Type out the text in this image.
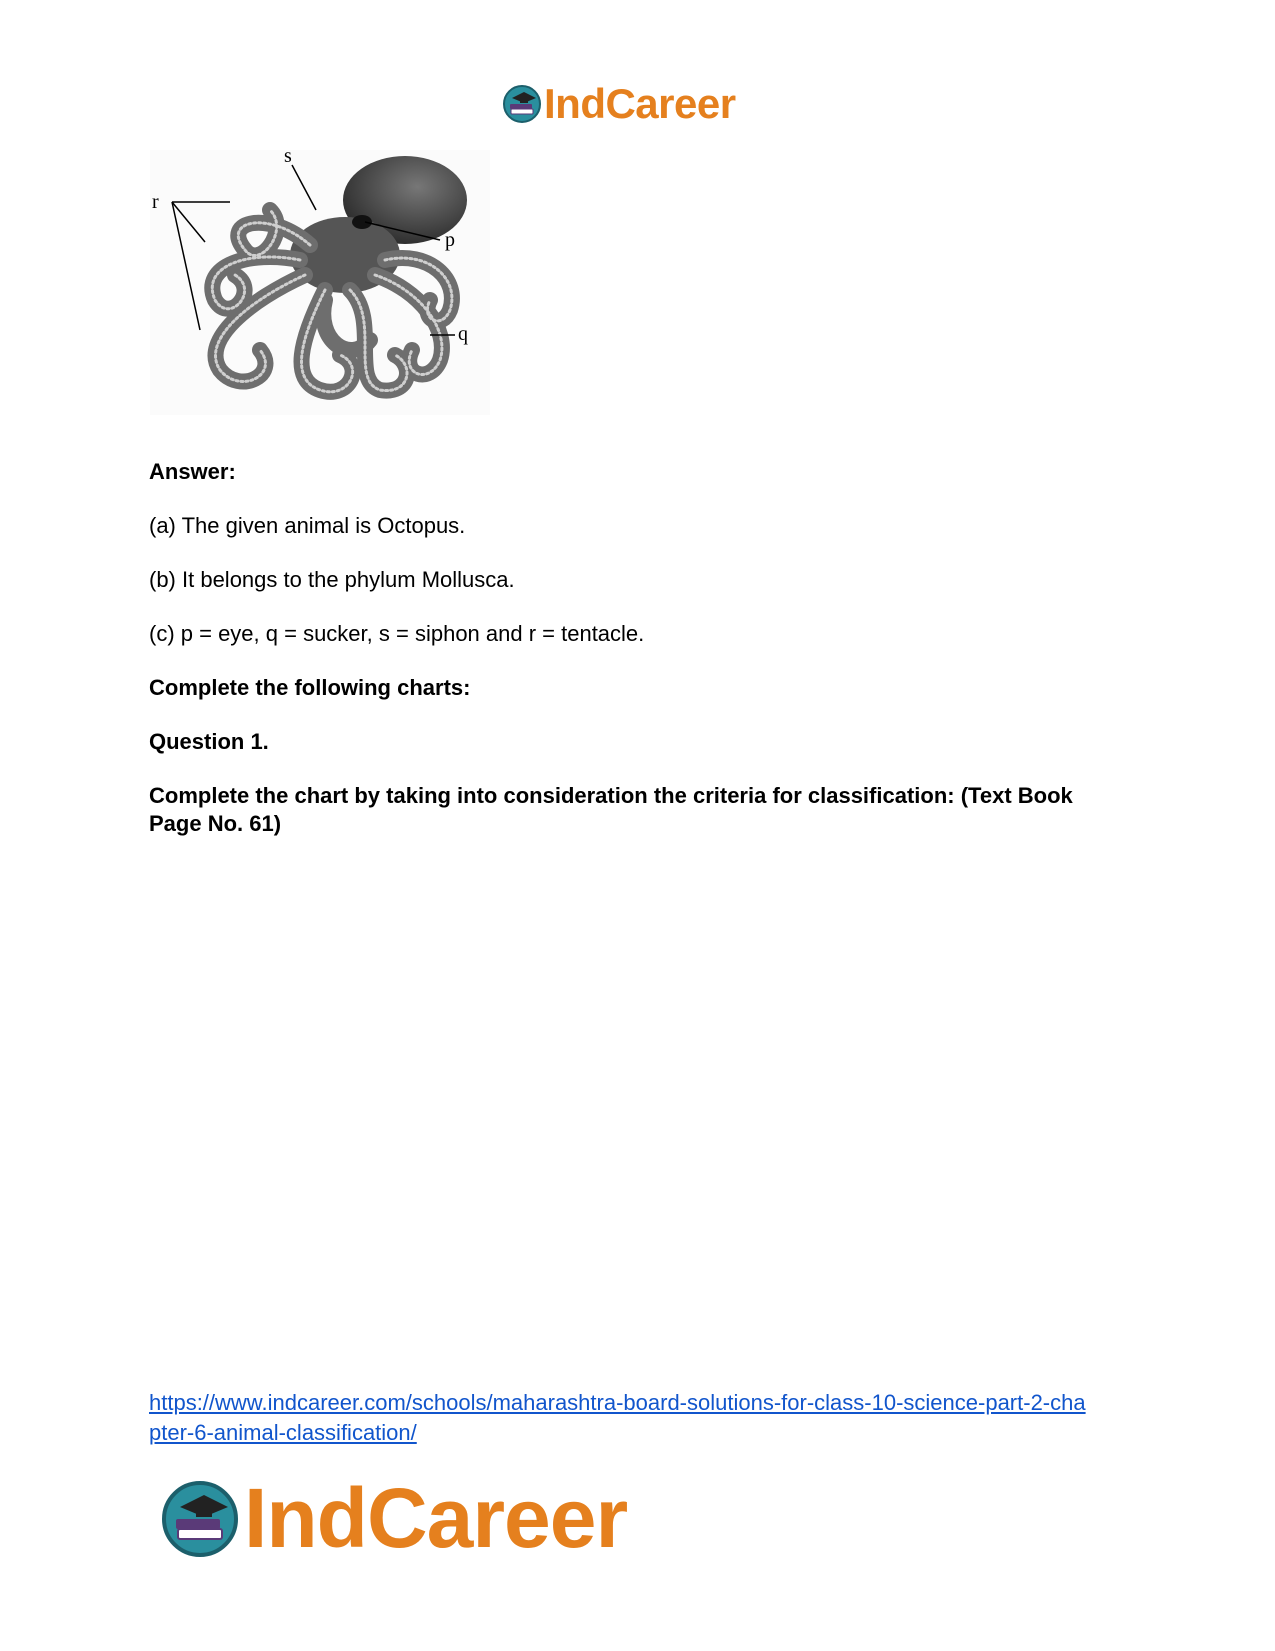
IndCareer
s
r
p
q

Answer:

(a) The given animal is Octopus.

(b) It belongs to the phylum Mollusca.

(c) p = eye, q = sucker, s = siphon and r = tentacle.

Complete the following charts:

Question 1.

Complete the chart by taking into consideration the criteria for classification: (Text Book

Page No. 61)

https://www.indcareer.com/schools/maharashtra-board-solutions-for-class-10-science-part-2-cha
pter-6-animal-classification/
IndCareer
